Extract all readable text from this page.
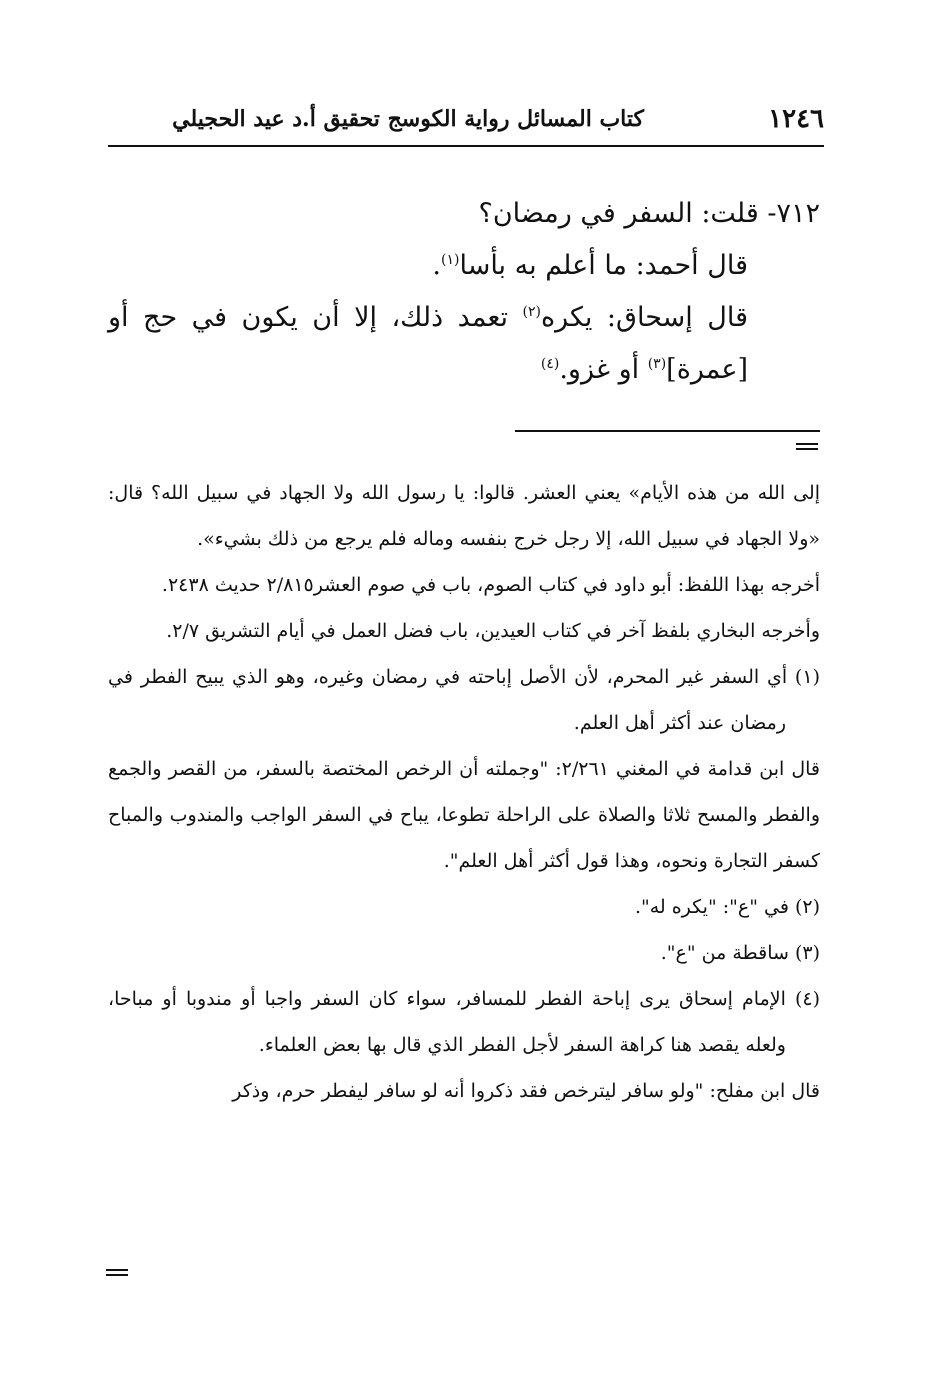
١٢٤٦
كتاب المسائل رواية الكوسج تحقيق أ.د عيد الحجيلي

٧١٢- قلت: السفر في رمضان؟

قال أحمد: ما أعلم به بأسا$^{(١)}$.

قال إسحاق: يكره$^{(٢)}$ تعمد ذلك، إلا أن يكون في حج أو

[عمرة]$^{(٣)}$ أو غزو.$^{(٤)}$

إلى الله من هذه الأيام» يعني العشر. قالوا: يا رسول الله ولا الجهاد في سبيل الله؟ قال: «ولا الجهاد في سبيل الله، إلا رجل خرج بنفسه وماله فلم يرجع من ذلك بشيء».

أخرجه بهذا اللفظ: أبو داود في كتاب الصوم، باب في صوم العشر٢/٨١٥ حديث ٢٤٣٨.

وأخرجه البخاري بلفظ آخر في كتاب العيدين، باب فضل العمل في أيام التشريق ٢/٧.

(١) أي السفر غير المحرم، لأن الأصل إباحته في رمضان وغيره، وهو الذي يبيح الفطر في رمضان عند أكثر أهل العلم.

قال ابن قدامة في المغني ٢/٢٦١: "وجملته أن الرخص المختصة بالسفر، من القصر والجمع والفطر والمسح ثلاثا والصلاة على الراحلة تطوعا، يباح في السفر الواجب والمندوب والمباح كسفر التجارة ونحوه، وهذا قول أكثر أهل العلم".

(٢) في "ع": "يكره له".

(٣) ساقطة من "ع".

(٤) الإمام إسحاق يرى إباحة الفطر للمسافر، سواء كان السفر واجبا أو مندوبا أو مباحا، ولعله يقصد هنا كراهة السفر لأجل الفطر الذي قال بها بعض العلماء.

قال ابن مفلح: "ولو سافر ليترخص فقد ذكروا أنه لو سافر ليفطر حرم، وذكر
